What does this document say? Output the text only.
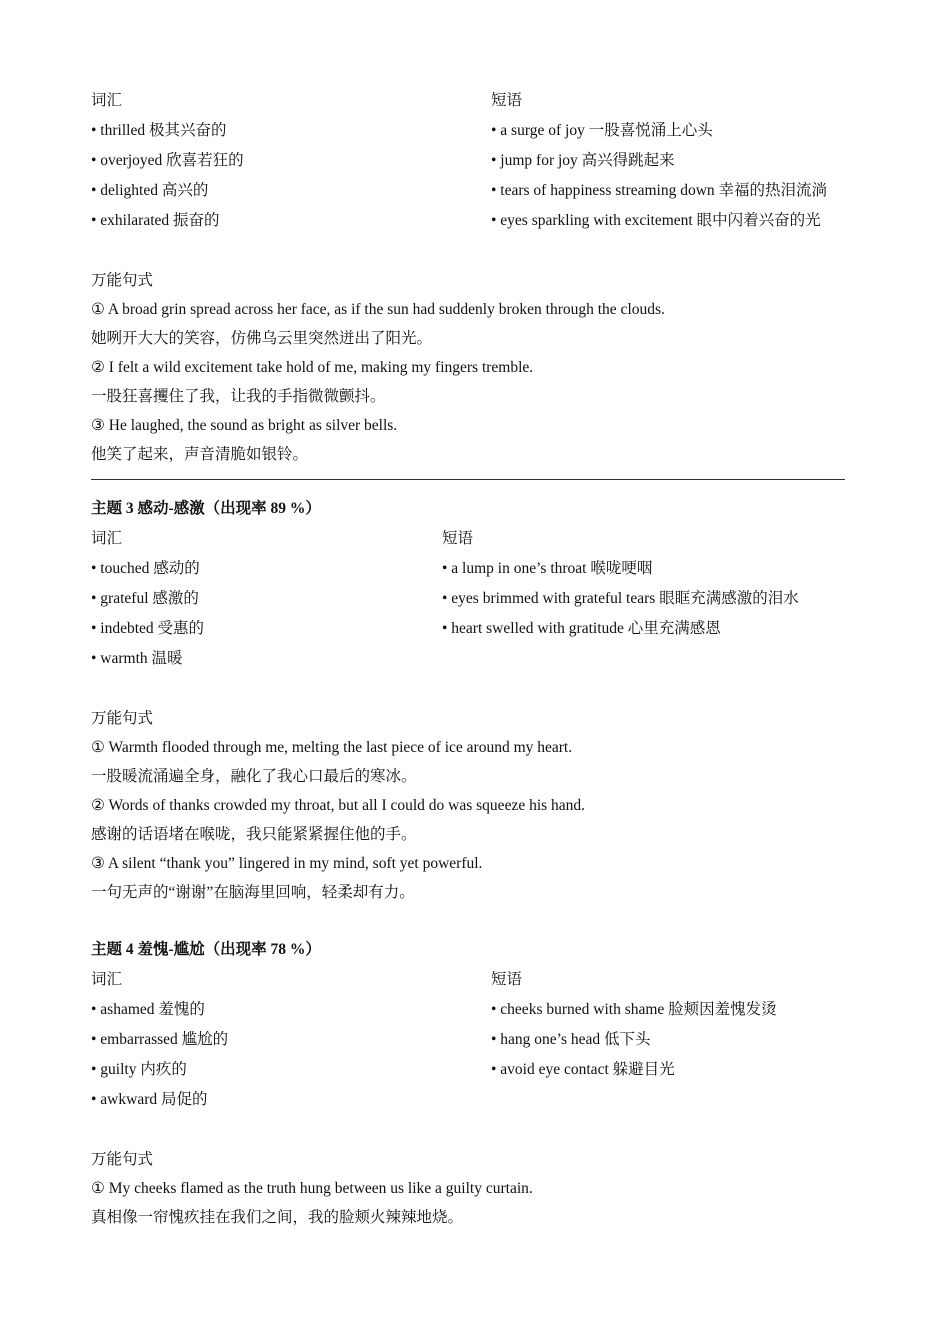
词汇
• thrilled 极其兴奋的
• overjoyed 欣喜若狂的
• delighted 高兴的
• exhilarated 振奋的
短语
• a surge of joy 一股喜悦涌上心头
• jump for joy 高兴得跳起来
• tears of happiness streaming down 幸福的热泪流淌
• eyes sparkling with excitement 眼中闪着兴奋的光
万能句式
① A broad grin spread across her face, as if the sun had suddenly broken through the clouds.
她咧开大大的笑容，仿佛乌云里突然迸出了阳光。
② I felt a wild excitement take hold of me, making my fingers tremble.
一股狂喜攫住了我，让我的手指微微颤抖。
③ He laughed, the sound as bright as silver bells.
他笑了起来，声音清脆如银铃。
主题 3 感动-感激（出现率 89 %）
词汇
• touched 感动的
• grateful 感激的
• indebted 受惠的
• warmth 温暖
短语
• a lump in one’s throat 喉咙哽咽
• eyes brimmed with grateful tears 眼眶充满感激的泪水
• heart swelled with gratitude 心里充满感恩
万能句式
① Warmth flooded through me, melting the last piece of ice around my heart.
一股暖流涌遍全身，融化了我心口最后的寒冰。
② Words of thanks crowded my throat, but all I could do was squeeze his hand.
感谢的话语堵在喉咙，我只能紧紧握住他的手。
③ A silent “thank you” lingered in my mind, soft yet powerful.
一句无声的“谢谢”在脑海里回响，轻柔却有力。
主题 4 羞愧-尴尬（出现率 78 %）
词汇
• ashamed 羞愧的
• embarrassed 尴尬的
• guilty 内疚的
• awkward 局促的
短语
• cheeks burned with shame 脸颊因羞愧发烫
• hang one’s head 低下头
• avoid eye contact 躲避目光
万能句式
① My cheeks flamed as the truth hung between us like a guilty curtain.
真相像一帘愧疚挂在我们之间，我的脸颊火辣辣地烧。
